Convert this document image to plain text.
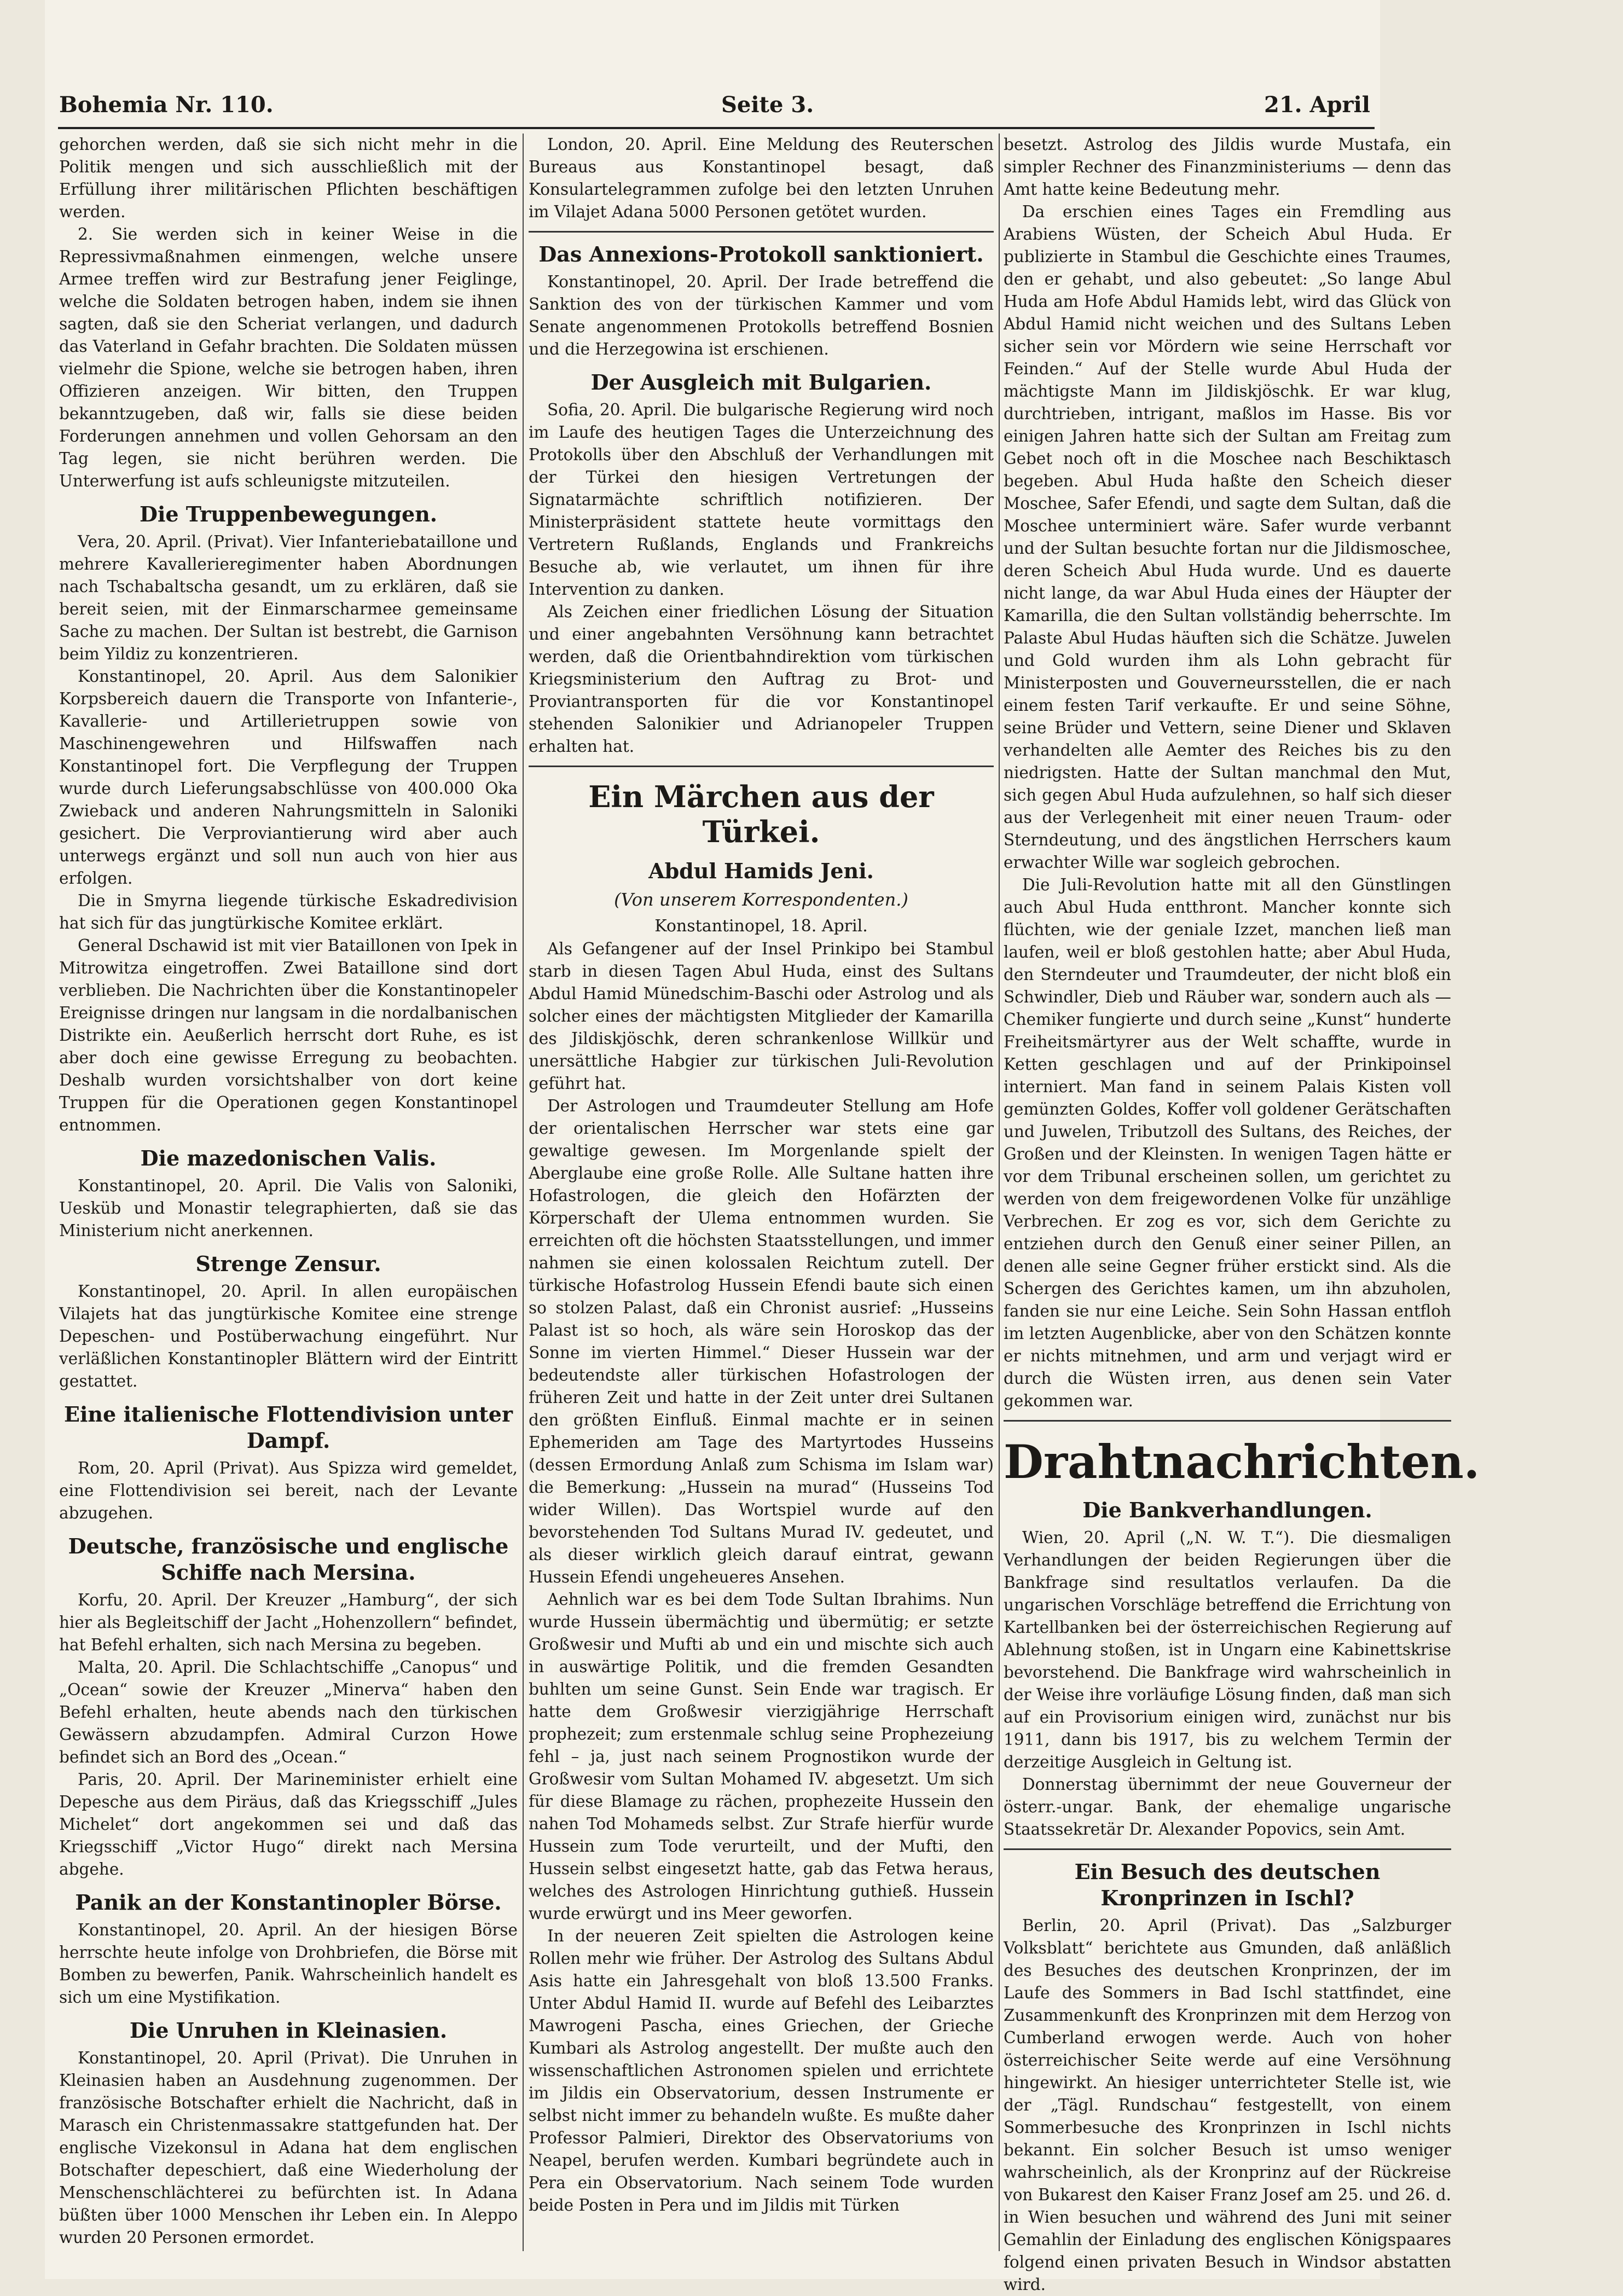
Bohemia Nr. 110.	Seite 3.	21. April

gehorchen werden, daß sie sich nicht mehr in die Politik mengen und sich ausschließlich mit der Erfüllung ihrer militärischen Pflichten beschäftigen werden.

2. Sie werden sich in keiner Weise in die Repressivmaßnahmen einmengen, welche unsere Armee treffen wird zur Bestrafung jener Feiglinge, welche die Soldaten betrogen haben, indem sie ihnen sagten, daß sie den Scheriat verlangen, und dadurch das Vaterland in Gefahr brachten. Die Soldaten müssen vielmehr die Spione, welche sie betrogen haben, ihren Offizieren anzeigen. Wir bitten, den Truppen bekanntzugeben, daß wir, falls sie diese beiden Forderungen annehmen und vollen Gehorsam an den Tag legen, sie nicht berühren werden. Die Unterwerfung ist aufs schleunigste mitzuteilen.

Die Truppenbewegungen.

Vera, 20. April. (Privat). Vier Infanteriebataillone und mehrere Kavallerieregimenter haben Abordnungen nach Tschabaltscha gesandt, um zu erklären, daß sie bereit seien, mit der Einmarscharmee gemeinsame Sache zu machen. Der Sultan ist bestrebt, die Garnison beim Yildiz zu konzentrieren.

Konstantinopel, 20. April. Aus dem Salonikier Korpsbereich dauern die Transporte von Infanterie-, Kavallerie- und Artillerietruppen sowie von Maschinengewehren und Hilfswaffen nach Konstantinopel fort. Die Verpflegung der Truppen wurde durch Lieferungsabschlüsse von 400.000 Oka Zwieback und anderen Nahrungsmitteln in Saloniki gesichert. Die Verproviantierung wird aber auch unterwegs ergänzt und soll nun auch von hier aus erfolgen.

Die in Smyrna liegende türkische Eskadredivision hat sich für das jungtürkische Komitee erklärt.

General Dschawid ist mit vier Bataillonen von Ipek in Mitrowitza eingetroffen. Zwei Bataillone sind dort verblieben. Die Nachrichten über die Konstantinopeler Ereignisse dringen nur langsam in die nordalbanischen Distrikte ein. Aeußerlich herrscht dort Ruhe, es ist aber doch eine gewisse Erregung zu beobachten. Deshalb wurden vorsichtshalber von dort keine Truppen für die Operationen gegen Konstantinopel entnommen.

Die mazedonischen Valis.

Konstantinopel, 20. April. Die Valis von Saloniki, Uesküb und Monastir telegraphierten, daß sie das Ministerium nicht anerkennen.

Strenge Zensur.

Konstantinopel, 20. April. In allen europäischen Vilajets hat das jungtürkische Komitee eine strenge Depeschen- und Postüberwachung eingeführt. Nur verläßlichen Konstantinopler Blättern wird der Eintritt gestattet.

Eine italienische Flottendivision unter Dampf.

Rom, 20. April (Privat). Aus Spizza wird gemeldet, eine Flottendivision sei bereit, nach der Levante abzugehen.

Deutsche, französische und englische Schiffe nach Mersina.

Korfu, 20. April. Der Kreuzer „Hamburg“, der sich hier als Begleitschiff der Jacht „Hohenzollern“ befindet, hat Befehl erhalten, sich nach Mersina zu begeben.

Malta, 20. April. Die Schlachtschiffe „Canopus“ und „Ocean“ sowie der Kreuzer „Minerva“ haben den Befehl erhalten, heute abends nach den türkischen Gewässern abzudampfen. Admiral Curzon Howe befindet sich an Bord des „Ocean.“

Paris, 20. April. Der Marineminister erhielt eine Depesche aus dem Piräus, daß das Kriegsschiff „Jules Michelet“ dort angekommen sei und daß das Kriegsschiff „Victor Hugo“ direkt nach Mersina abgehe.

Panik an der Konstantinopler Börse.

Konstantinopel, 20. April. An der hiesigen Börse herrschte heute infolge von Drohbriefen, die Börse mit Bomben zu bewerfen, Panik. Wahrscheinlich handelt es sich um eine Mystifikation.

Die Unruhen in Kleinasien.

Konstantinopel, 20. April (Privat). Die Unruhen in Kleinasien haben an Ausdehnung zugenommen. Der französische Botschafter erhielt die Nachricht, daß in Marasch ein Christenmassakre stattgefunden hat. Der englische Vizekonsul in Adana hat dem englischen Botschafter depeschiert, daß eine Wiederholung der Menschenschlächterei zu befürchten ist. In Adana büßten über 1000 Menschen ihr Leben ein. In Aleppo wurden 20 Personen ermordet.

London, 20. April. Eine Meldung des Reuterschen Bureaus aus Konstantinopel besagt, daß Konsulartelegrammen zufolge bei den letzten Unruhen im Vilajet Adana 5000 Personen getötet wurden.

Das Annexions-Protokoll sanktioniert.

Konstantinopel, 20. April. Der Irade betreffend die Sanktion des von der türkischen Kammer und vom Senate angenommenen Protokolls betreffend Bosnien und die Herzegowina ist erschienen.

Der Ausgleich mit Bulgarien.

Sofia, 20. April. Die bulgarische Regierung wird noch im Laufe des heutigen Tages die Unterzeichnung des Protokolls über den Abschluß der Verhandlungen mit der Türkei den hiesigen Vertretungen der Signatarmächte schriftlich notifizieren. Der Ministerpräsident stattete heute vormittags den Vertretern Rußlands, Englands und Frankreichs Besuche ab, wie verlautet, um ihnen für ihre Intervention zu danken.

Als Zeichen einer friedlichen Lösung der Situation und einer angebahnten Versöhnung kann betrachtet werden, daß die Orientbahndirektion vom türkischen Kriegsministerium den Auftrag zu Brot- und Proviantransporten für die vor Konstantinopel stehenden Salonikier und Adrianopeler Truppen erhalten hat.

Ein Märchen aus der Türkei.
Abdul Hamids Jeni.
(Von unserem Korrespondenten.)
Konstantinopel, 18. April.

Als Gefangener auf der Insel Prinkipo bei Stambul starb in diesen Tagen Abul Huda, einst des Sultans Abdul Hamid Münedschim-Baschi oder Astrolog und als solcher eines der mächtigsten Mitglieder der Kamarilla des Jildiskjöschk, deren schrankenlose Willkür und unersättliche Habgier zur türkischen Juli-Revolution geführt hat.

Der Astrologen und Traumdeuter Stellung am Hofe der orientalischen Herrscher war stets eine gar gewaltige gewesen. Im Morgenlande spielt der Aberglaube eine große Rolle. Alle Sultane hatten ihre Hofastrologen, die gleich den Hofärzten der Körperschaft der Ulema entnommen wurden. Sie erreichten oft die höchsten Staatsstellungen, und immer nahmen sie einen kolossalen Reichtum zutell. Der türkische Hofastrolog Hussein Efendi baute sich einen so stolzen Palast, daß ein Chronist ausrief: „Husseins Palast ist so hoch, als wäre sein Horoskop das der Sonne im vierten Himmel.“ Dieser Hussein war der bedeutendste aller türkischen Hofastrologen der früheren Zeit und hatte in der Zeit unter drei Sultanen den größten Einfluß. Einmal machte er in seinen Ephemeriden am Tage des Martyrtodes Husseins (dessen Ermordung Anlaß zum Schisma im Islam war) die Bemerkung: „Hussein na murad“ (Husseins Tod wider Willen). Das Wortspiel wurde auf den bevorstehenden Tod Sultans Murad IV. gedeutet, und als dieser wirklich gleich darauf eintrat, gewann Hussein Efendi ungeheueres Ansehen.

Aehnlich war es bei dem Tode Sultan Ibrahims. Nun wurde Hussein übermächtig und übermütig; er setzte Großwesir und Mufti ab und ein und mischte sich auch in auswärtige Politik, und die fremden Gesandten buhlten um seine Gunst. Sein Ende war tragisch. Er hatte dem Großwesir vierzigjährige Herrschaft prophezeit; zum erstenmale schlug seine Prophezeiung fehl – ja, just nach seinem Prognostikon wurde der Großwesir vom Sultan Mohamed IV. abgesetzt. Um sich für diese Blamage zu rächen, prophezeite Hussein den nahen Tod Mohameds selbst. Zur Strafe hierfür wurde Hussein zum Tode verurteilt, und der Mufti, den Hussein selbst eingesetzt hatte, gab das Fetwa heraus, welches des Astrologen Hinrichtung guthieß. Hussein wurde erwürgt und ins Meer geworfen.

In der neueren Zeit spielten die Astrologen keine Rollen mehr wie früher. Der Astrolog des Sultans Abdul Asis hatte ein Jahresgehalt von bloß 13.500 Franks. Unter Abdul Hamid II. wurde auf Befehl des Leibarztes Mawrogeni Pascha, eines Griechen, der Grieche Kumbari als Astrolog angestellt. Der mußte auch den wissenschaftlichen Astronomen spielen und errichtete im Jildis ein Observatorium, dessen Instrumente er selbst nicht immer zu behandeln wußte. Es mußte daher Professor Palmieri, Direktor des Observatoriums von Neapel, berufen werden. Kumbari begründete auch in Pera ein Observatorium. Nach seinem Tode wurden beide Posten in Pera und im Jildis mit Türken

besetzt. Astrolog des Jildis wurde Mustafa, ein simpler Rechner des Finanzministeriums — denn das Amt hatte keine Bedeutung mehr.

Da erschien eines Tages ein Fremdling aus Arabiens Wüsten, der Scheich Abul Huda. Er publizierte in Stambul die Geschichte eines Traumes, den er gehabt, und also gebeutet: „So lange Abul Huda am Hofe Abdul Hamids lebt, wird das Glück von Abdul Hamid nicht weichen und des Sultans Leben sicher sein vor Mördern wie seine Herrschaft vor Feinden.“ Auf der Stelle wurde Abul Huda der mächtigste Mann im Jildiskjöschk. Er war klug, durchtrieben, intrigant, maßlos im Hasse. Bis vor einigen Jahren hatte sich der Sultan am Freitag zum Gebet noch oft in die Moschee nach Beschiktasch begeben. Abul Huda haßte den Scheich dieser Moschee, Safer Efendi, und sagte dem Sultan, daß die Moschee unterminiert wäre. Safer wurde verbannt und der Sultan besuchte fortan nur die Jildismoschee, deren Scheich Abul Huda wurde. Und es dauerte nicht lange, da war Abul Huda eines der Häupter der Kamarilla, die den Sultan vollständig beherrschte. Im Palaste Abul Hudas häuften sich die Schätze. Juwelen und Gold wurden ihm als Lohn gebracht für Ministerposten und Gouverneursstellen, die er nach einem festen Tarif verkaufte. Er und seine Söhne, seine Brüder und Vettern, seine Diener und Sklaven verhandelten alle Aemter des Reiches bis zu den niedrigsten. Hatte der Sultan manchmal den Mut, sich gegen Abul Huda aufzulehnen, so half sich dieser aus der Verlegenheit mit einer neuen Traum- oder Sterndeutung, und des ängstlichen Herrschers kaum erwachter Wille war sogleich gebrochen.

Die Juli-Revolution hatte mit all den Günstlingen auch Abul Huda entthront. Mancher konnte sich flüchten, wie der geniale Izzet, manchen ließ man laufen, weil er bloß gestohlen hatte; aber Abul Huda, den Sterndeuter und Traumdeuter, der nicht bloß ein Schwindler, Dieb und Räuber war, sondern auch als — Chemiker fungierte und durch seine „Kunst“ hunderte Freiheitsmärtyrer aus der Welt schaffte, wurde in Ketten geschlagen und auf der Prinkipoinsel interniert. Man fand in seinem Palais Kisten voll gemünzten Goldes, Koffer voll goldener Gerätschaften und Juwelen, Tributzoll des Sultans, des Reiches, der Großen und der Kleinsten. In wenigen Tagen hätte er vor dem Tribunal erscheinen sollen, um gerichtet zu werden von dem freigewordenen Volke für unzählige Verbrechen. Er zog es vor, sich dem Gerichte zu entziehen durch den Genuß einer seiner Pillen, an denen alle seine Gegner früher erstickt sind. Als die Schergen des Gerichtes kamen, um ihn abzuholen, fanden sie nur eine Leiche. Sein Sohn Hassan entfloh im letzten Augenblicke, aber von den Schätzen konnte er nichts mitnehmen, und arm und verjagt wird er durch die Wüsten irren, aus denen sein Vater gekommen war.

Drahtnachrichten.
Die Bankverhandlungen.

Wien, 20. April („N. W. T.“). Die diesmaligen Verhandlungen der beiden Regierungen über die Bankfrage sind resultatlos verlaufen. Da die ungarischen Vorschläge betreffend die Errichtung von Kartellbanken bei der österreichischen Regierung auf Ablehnung stoßen, ist in Ungarn eine Kabinettskrise bevorstehend. Die Bankfrage wird wahrscheinlich in der Weise ihre vorläufige Lösung finden, daß man sich auf ein Provisorium einigen wird, zunächst nur bis 1911, dann bis 1917, bis zu welchem Termin der derzeitige Ausgleich in Geltung ist.

Donnerstag übernimmt der neue Gouverneur der österr.-ungar. Bank, der ehemalige ungarische Staatssekretär Dr. Alexander Popovics, sein Amt.

Ein Besuch des deutschen Kronprinzen in Ischl?

Berlin, 20. April (Privat). Das „Salzburger Volksblatt“ berichtete aus Gmunden, daß anläßlich des Besuches des deutschen Kronprinzen, der im Laufe des Sommers in Bad Ischl stattfindet, eine Zusammenkunft des Kronprinzen mit dem Herzog von Cumberland erwogen werde. Auch von hoher österreichischer Seite werde auf eine Versöhnung hingewirkt. An hiesiger unterrichteter Stelle ist, wie der „Tägl. Rundschau“ festgestellt, von einem Sommerbesuche des Kronprinzen in Ischl nichts bekannt. Ein solcher Besuch ist umso weniger wahrscheinlich, als der Kronprinz auf der Rückreise von Bukarest den Kaiser Franz Josef am 25. und 26. d. in Wien besuchen und während des Juni mit seiner Gemahlin der Einladung des englischen Königspaares folgend einen privaten Besuch in Windsor abstatten wird.
